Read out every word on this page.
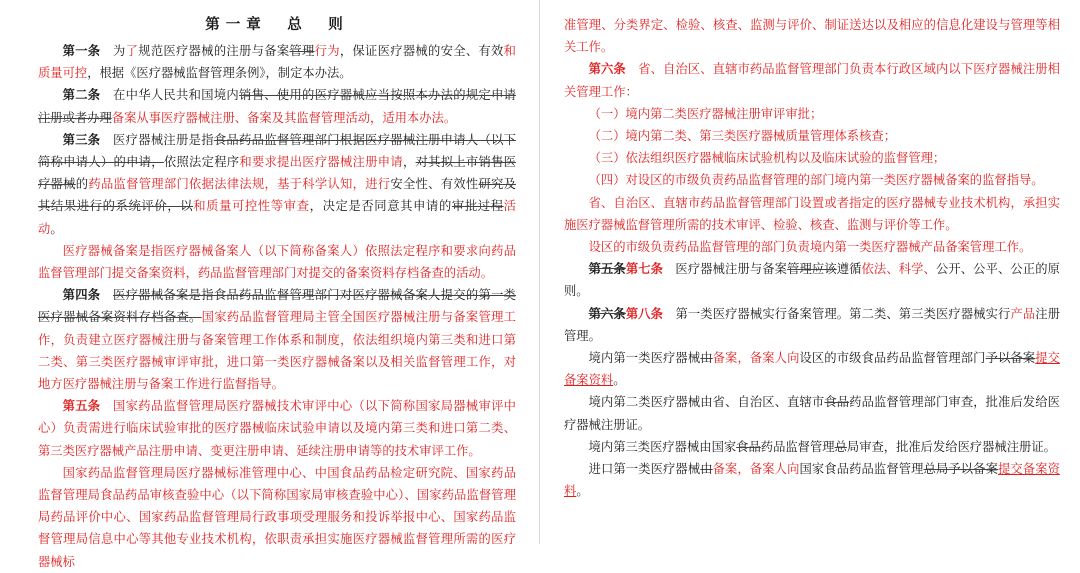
第一章　总　则

第一条　为了规范医疗器械的注册与备案管理行为，保证医疗器械的安全、有效和质量可控，根据《医疗器械监督管理条例》，制定本办法。

第二条　在中华人民共和国境内销售、使用的医疗器械应当按照本办法的规定申请注册或者办理备案从事医疗器械注册、备案及其监督管理活动，适用本办法。

第三条　医疗器械注册是指食品药品监督管理部门根据医疗器械注册申请人（以下简称申请人）的申请，依照法定程序和要求提出医疗器械注册申请，对其拟上市销售医疗器械的药品监督管理部门依据法律法规，基于科学认知，进行安全性、有效性研究及其结果进行的系统评价，以和质量可控性等审查，决定是否同意其申请的审批过程活动。

医疗器械备案是指医疗器械备案人（以下简称备案人）依照法定程序和要求向药品监督管理部门提交备案资料，药品监督管理部门对提交的备案资料存档备查的活动。

第四条　 医疗器械备案是指食品药品监督管理部门对医疗器械备案人提交的第一类医疗器械备案资料存档备查。国家药品监督管理局主管全国医疗器械注册与备案管理工作，负责建立医疗器械注册与备案管理工作体系和制度，依法组织境内第三类和进口第二类、第三类医疗器械审评审批，进口第一类医疗器械备案以及相关监督管理工作，对地方医疗器械注册与备案工作进行监督指导。

第五条　国家药品监督管理局医疗器械技术审评中心（以下简称国家局器械审评中心）负责需进行临床试验审批的医疗器械临床试验申请以及境内第三类和进口第二类、第三类医疗器械产品注册申请、变更注册申请、延续注册申请等的技术审评工作。

国家药品监督管理局医疗器械标准管理中心、中国食品药品检定研究院、国家药品监督管理局食品药品审核查验中心（以下简称国家局审核查验中心）、国家药品监督管理局药品评价中心、国家药品监督管理局行政事项受理服务和投诉举报中心、国家药品监督管理局信息中心等其他专业技术机构，依职责承担实施医疗器械监督管理所需的医疗器械标

准管理、分类界定、检验、核查、监测与评价、制证送达以及相应的信息化建设与管理等相关工作。

第六条　省、自治区、直辖市药品监督管理部门负责本行政区域内以下医疗器械注册相关管理工作：

（一）境内第二类医疗器械注册审评审批；

（二）境内第二类、第三类医疗器械质量管理体系核查；

（三）依法组织医疗器械临床试验机构以及临床试验的监督管理；

（四）对设区的市级负责药品监督管理的部门境内第一类医疗器械备案的监督指导。

省、自治区、直辖市药品监督管理部门设置或者指定的医疗器械专业技术机构，承担实施医疗器械监督管理所需的技术审评、检验、核查、监测与评价等工作。

设区的市级负责药品监督管理的部门负责境内第一类医疗器械产品备案管理工作。

第五条第七条　医疗器械注册与备案管理应该遵循依法、科学、公开、公平、公正的原则。

第六条第八条　第一类医疗器械实行备案管理。第二类、第三类医疗器械实行产品注册管理。

境内第一类医疗器械由备案，备案人向设区的市级食品药品监督管理部门予以备案提交备案资料。

境内第二类医疗器械由省、自治区、直辖市食品药品监督管理部门审查，批准后发给医疗器械注册证。

境内第三类医疗器械由国家食品药品监督管理总局审查，批准后发给医疗器械注册证。

进口第一类医疗器械由备案，备案人向国家食品药品监督管理总局予以备案提交备案资料。
